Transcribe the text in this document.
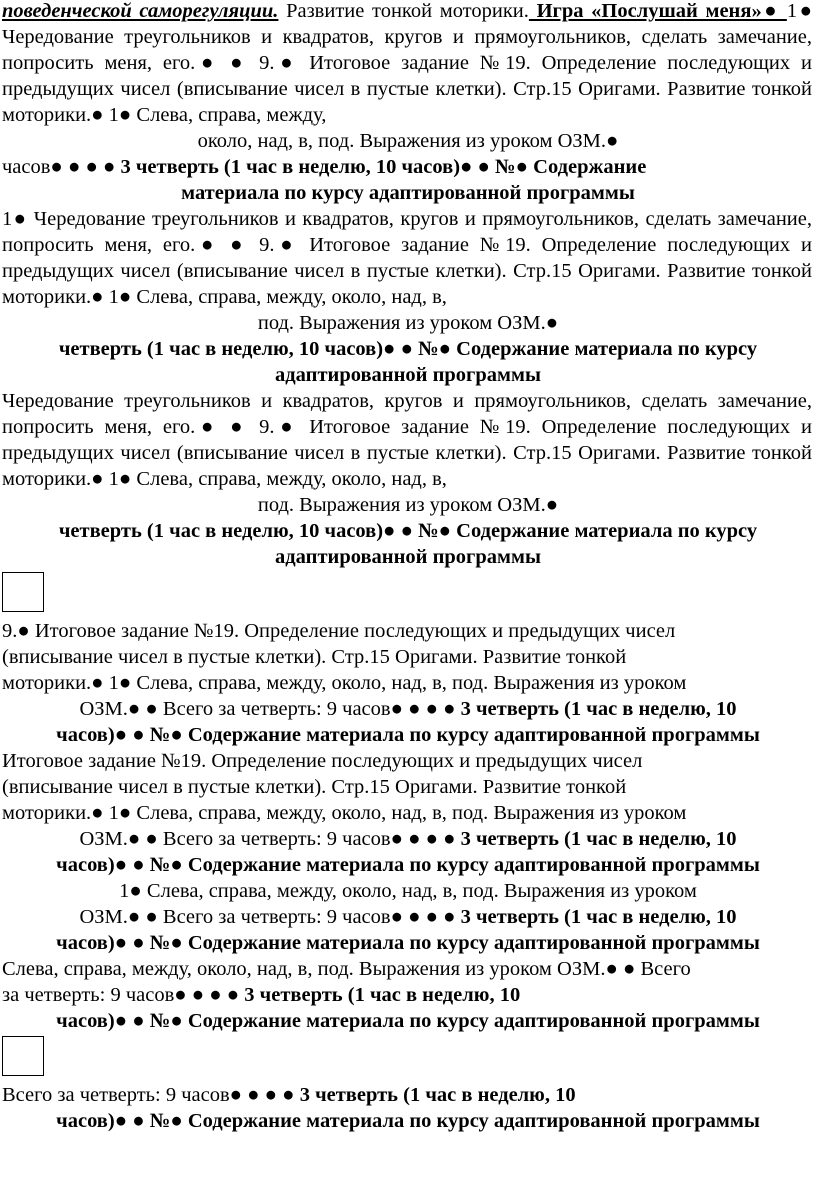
поведенческой саморегуляции. Развитие тонкой моторики. Игра «Послушай меня»● 1● Чередование треугольников и квадратов, кругов и прямоугольников, сделать замечание, попросить меня, его.● ● 9.● Итоговое задание №19. Определение последующих и предыдущих чисел (вписывание чисел в пустые клетки). Стр.15 Оригами. Развитие тонкой моторики.● 1● Слева, справа, между,

около, над, в, под. Выражения из уроком ОЗМ.●

часов● ● ● ● 3 четверть (1 час в неделю, 10 часов)● ● №● Содержание

материала по курсу адаптированной программы

1● Чередование треугольников и квадратов, кругов и прямоугольников, сделать замечание, попросить меня, его.● ● 9.● Итоговое задание №19. Определение последующих и предыдущих чисел (вписывание чисел в пустые клетки). Стр.15 Оригами. Развитие тонкой моторики.● 1● Слева, справа, между, около, над, в,

под. Выражения из уроком ОЗМ.●

четверть (1 час в неделю, 10 часов)● ● №● Содержание материала по курсу

адаптированной программы

Чередование треугольников и квадратов, кругов и прямоугольников, сделать замечание, попросить меня, его.● ● 9.● Итоговое задание №19. Определение последующих и предыдущих чисел (вписывание чисел в пустые клетки). Стр.15 Оригами. Развитие тонкой моторики.● 1● Слева, справа, между, около, над, в,

под. Выражения из уроком ОЗМ.●

четверть (1 час в неделю, 10 часов)● ● №● Содержание материала по курсу

адаптированной программы

9.● Итоговое задание №19. Определение последующих и предыдущих чисел

(вписывание чисел в пустые клетки). Стр.15 Оригами. Развитие тонкой

моторики.● 1● Слева, справа, между, около, над, в, под. Выражения из уроком

ОЗМ.● ● Всего за четверть: 9 часов● ● ● ● 3 четверть (1 час в неделю, 10

часов)● ● №● Содержание материала по курсу адаптированной программы

Итоговое задание №19. Определение последующих и предыдущих чисел

(вписывание чисел в пустые клетки). Стр.15 Оригами. Развитие тонкой

моторики.● 1● Слева, справа, между, около, над, в, под. Выражения из уроком

ОЗМ.● ● Всего за четверть: 9 часов● ● ● ● 3 четверть (1 час в неделю, 10

часов)● ● №● Содержание материала по курсу адаптированной программы

1● Слева, справа, между, около, над, в, под. Выражения из уроком

ОЗМ.● ● Всего за четверть: 9 часов● ● ● ● 3 четверть (1 час в неделю, 10

часов)● ● №● Содержание материала по курсу адаптированной программы

Слева, справа, между, около, над, в, под. Выражения из уроком ОЗМ.● ● Всего

за четверть: 9 часов● ● ● ● 3 четверть (1 час в неделю, 10

часов)● ● №● Содержание материала по курсу адаптированной программы

Всего за четверть: 9 часов● ● ● ● 3 четверть (1 час в неделю, 10

часов)● ● №● Содержание материала по курсу адаптированной программы
